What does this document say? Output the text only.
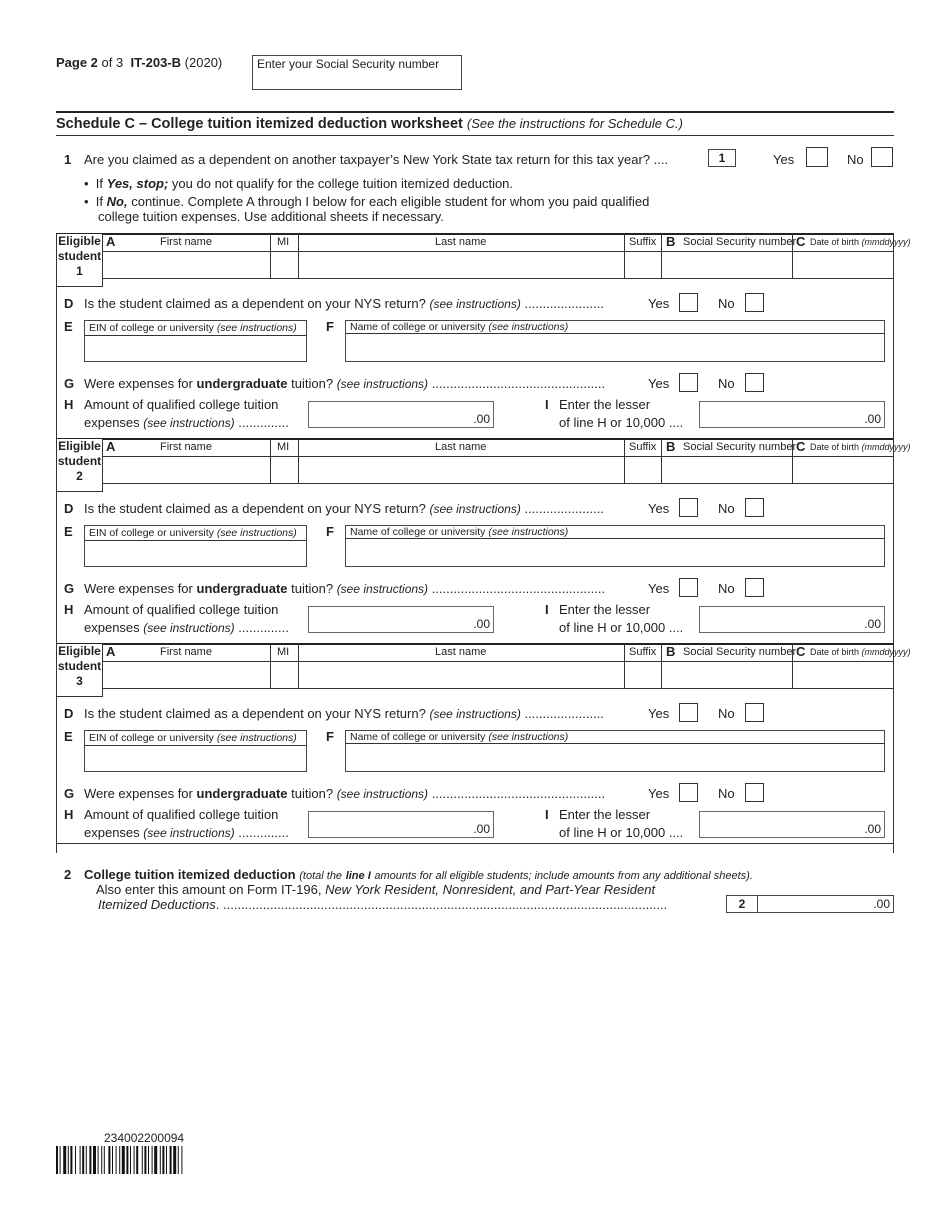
Page 2 of 3 IT-203-B (2020)	Enter your Social Security number
Schedule C – College tuition itemized deduction worksheet (See the instructions for Schedule C.)
1 Are you claimed as a dependent on another taxpayer’s New York State tax return for this tax year? ....	1	Yes	No
•  If Yes, stop; you do not qualify for the college tuition itemized deduction.
•  If No, continue. Complete A through I below for each eligible student for whom you paid qualified
college tuition expenses. Use additional sheets if necessary.
Eligible
student
1
A	First name	MI	Last name	Suffix B Social Security number C Date of birth (mmddyyyy)
D Is the student claimed as a dependent on your NYS return? (see instructions) ......................	Yes	No
E EIN of college or university (see instructions) F Name of college or university (see instructions)
G Were expenses for undergraduate tuition? (see instructions) ................................................	Yes	No
H Amount of qualified college tuition
expenses (see instructions) ..............	.00
I Enter the lesser
of line H or 10,000 ....	.00
Eligible
student
2
A	First name	MI	Last name	Suffix B Social Security number C Date of birth (mmddyyyy)
D Is the student claimed as a dependent on your NYS return? (see instructions) ......................	Yes	No
E EIN of college or university (see instructions) F Name of college or university (see instructions)
G Were expenses for undergraduate tuition? (see instructions) ................................................	Yes	No
H Amount of qualified college tuition
expenses (see instructions) ..............	.00
I Enter the lesser
of line H or 10,000 ....	.00
Eligible
student
3
A	First name	MI	Last name	Suffix B Social Security number C Date of birth (mmddyyyy)
D Is the student claimed as a dependent on your NYS return? (see instructions) ......................	Yes	No
E EIN of college or university (see instructions) F Name of college or university (see instructions)
G Were expenses for undergraduate tuition? (see instructions) ................................................	Yes	No
H Amount of qualified college tuition
expenses (see instructions) ..............	.00
I Enter the lesser
of line H or 10,000 ....	.00
2 College tuition itemized deduction (total the line I amounts for all eligible students; include amounts from any additional sheets).
Also enter this amount on Form IT-196, New York Resident, Nonresident, and Part-Year Resident
Itemized Deductions. ...........................................................................................................................	2	.00
234002200094
